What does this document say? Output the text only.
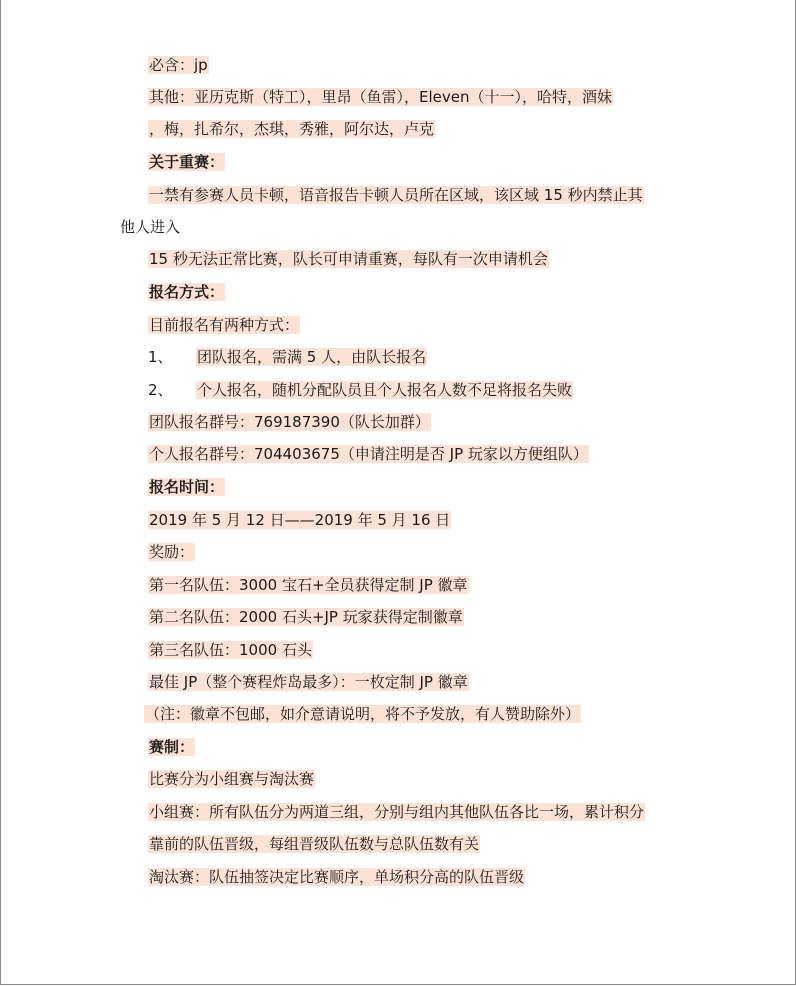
必含：jp
其他：亚历克斯（特工），里昂（鱼雷），Eleven（十一），哈特，酒妹
，梅，扎希尔，杰琪，秀雅，阿尔达，卢克
关于重赛：
一禁有参赛人员卡顿，语音报告卡顿人员所在区域，该区域 15 秒内禁止其
他人进入
15 秒无法正常比赛，队长可申请重赛，每队有一次申请机会
报名方式：
目前报名有两种方式：
1、 团队报名，需满 5 人，由队长报名
2、 个人报名，随机分配队员且个人报名人数不足将报名失败
团队报名群号：769187390（队长加群）
个人报名群号：704403675（申请注明是否 JP 玩家以方便组队）
报名时间：
2019 年 5 月 12 日——2019 年 5 月 16 日
奖励：
第一名队伍：3000 宝石+全员获得定制 JP 徽章
第二名队伍：2000 石头+JP 玩家获得定制徽章
第三名队伍：1000 石头
最佳 JP（整个赛程炸岛最多）：一枚定制 JP 徽章
（注：徽章不包邮，如介意请说明，将不予发放，有人赞助除外）
赛制：
比赛分为小组赛与淘汰赛
小组赛：所有队伍分为两道三组，分别与组内其他队伍各比一场，累计积分
靠前的队伍晋级，每组晋级队伍数与总队伍数有关
淘汰赛：队伍抽签决定比赛顺序，单场积分高的队伍晋级
